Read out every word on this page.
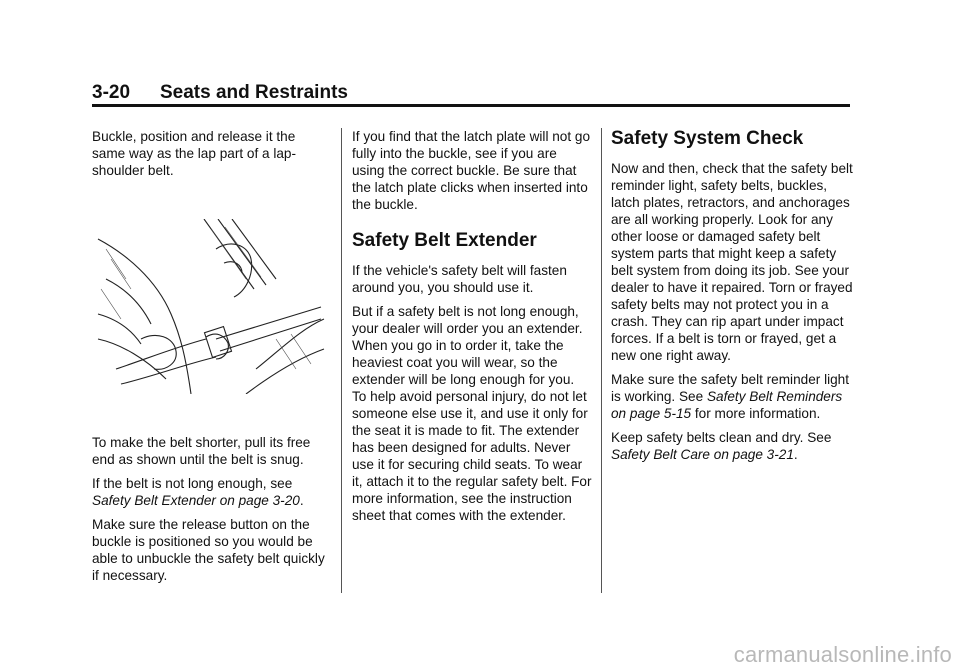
3-20 Seats and Restraints

Buckle, position and release it the same way as the lap part of a lap-shoulder belt.

To make the belt shorter, pull its free end as shown until the belt is snug.

If the belt is not long enough, see Safety Belt Extender on page 3-20.

Make sure the release button on the buckle is positioned so you would be able to unbuckle the safety belt quickly if necessary.

If you find that the latch plate will not go fully into the buckle, see if you are using the correct buckle. Be sure that the latch plate clicks when inserted into the buckle.

Safety Belt Extender

If the vehicle's safety belt will fasten around you, you should use it.

But if a safety belt is not long enough, your dealer will order you an extender. When you go in to order it, take the heaviest coat you will wear, so the extender will be long enough for you. To help avoid personal injury, do not let someone else use it, and use it only for the seat it is made to fit. The extender has been designed for adults. Never use it for securing child seats. To wear it, attach it to the regular safety belt. For more information, see the instruction sheet that comes with the extender.

Safety System Check

Now and then, check that the safety belt reminder light, safety belts, buckles, latch plates, retractors, and anchorages are all working properly. Look for any other loose or damaged safety belt system parts that might keep a safety belt system from doing its job. See your dealer to have it repaired. Torn or frayed safety belts may not protect you in a crash. They can rip apart under impact forces. If a belt is torn or frayed, get a new one right away.

Make sure the safety belt reminder light is working. See Safety Belt Reminders on page 5-15 for more information.

Keep safety belts clean and dry. See Safety Belt Care on page 3-21.

carmanualsonline.info
